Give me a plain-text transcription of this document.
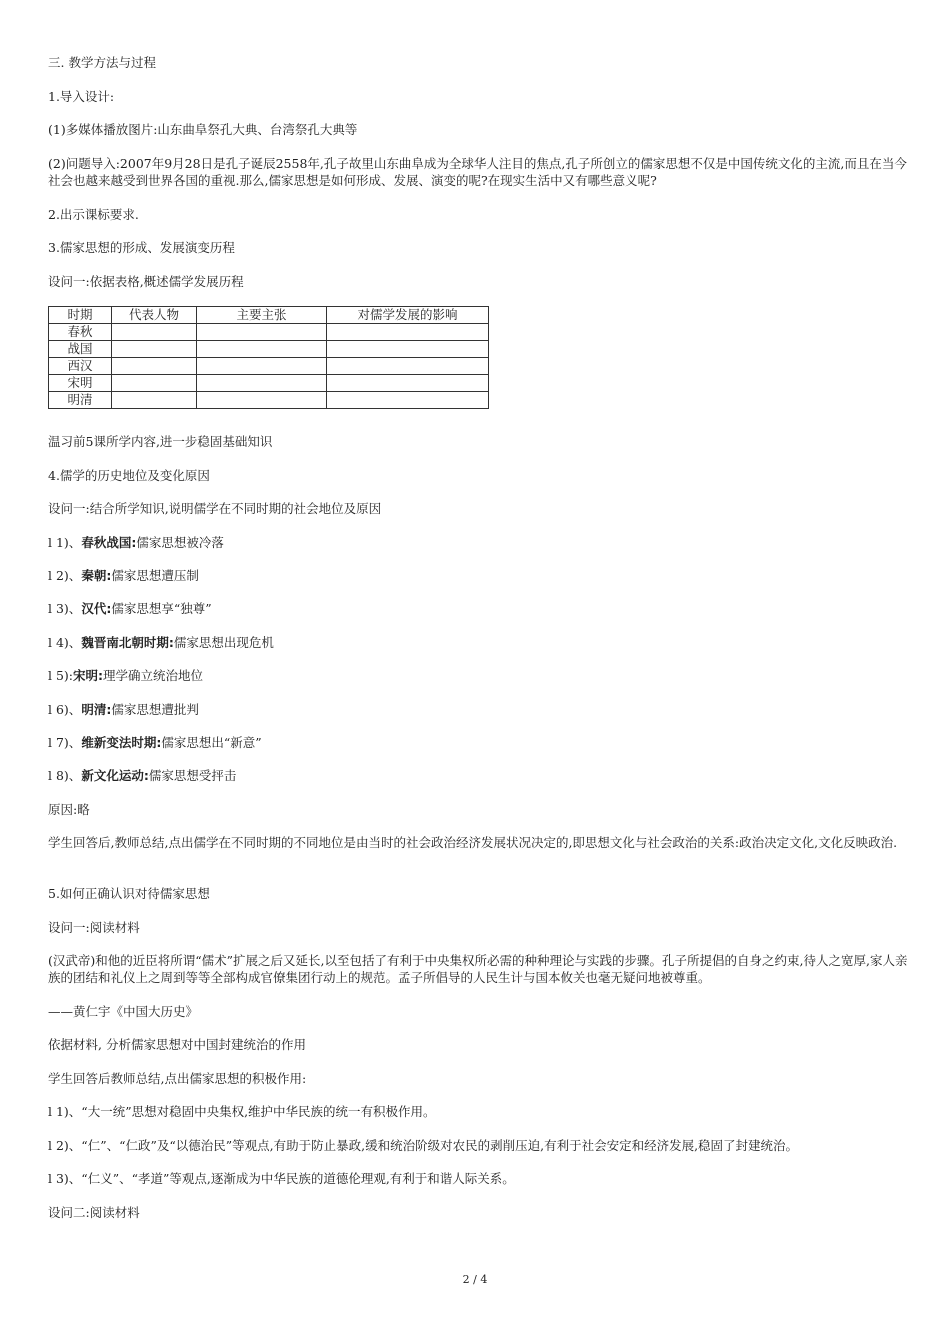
三. 教学方法与过程
1.导入设计:
(1)多媒体播放图片:山东曲阜祭孔大典、台湾祭孔大典等
(2)问题导入:2007年9月28日是孔子诞辰2558年,孔子故里山东曲阜成为全球华人注目的焦点,孔子所创立的儒家思想不仅是中国传统文化的主流,而且在当今社会也越来越受到世界各国的重视.那么,儒家思想是如何形成、发展、演变的呢?在现实生活中又有哪些意义呢?
2.出示课标要求.
3.儒家思想的形成、发展演变历程
设问一:依据表格,概述儒学发展历程
时期	代表人物	主要主张	对儒学发展的影响
春秋			
战国			
西汉			
宋明			
明清			
温习前5课所学内容,进一步稳固基础知识
4.儒学的历史地位及变化原因
设问一:结合所学知识,说明儒学在不同时期的社会地位及原因
l 1)、春秋战国:儒家思想被冷落
l 2)、秦朝:儒家思想遭压制
l 3)、汉代:儒家思想享“独尊”
l 4)、魏晋南北朝时期:儒家思想出现危机
l 5):宋明:理学确立统治地位
l 6)、明清:儒家思想遭批判
l 7)、维新变法时期:儒家思想出“新意”
l 8)、新文化运动:儒家思想受抨击
原因:略
学生回答后,教师总结,点出儒学在不同时期的不同地位是由当时的社会政治经济发展状况决定的,即思想文化与社会政治的关系:政治决定文化,文化反映政治.
5.如何正确认识对待儒家思想
设问一:阅读材料
(汉武帝)和他的近臣将所谓“儒术”扩展之后又延长,以至包括了有利于中央集权所必需的种种理论与实践的步骤。孔子所提倡的自身之约束,待人之宽厚,家人亲族的团结和礼仪上之周到等等全部构成官僚集团行动上的规范。孟子所倡导的人民生计与国本攸关也毫无疑问地被尊重。
——黄仁宇《中国大历史》
依据材料, 分析儒家思想对中国封建统治的作用
学生回答后教师总结,点出儒家思想的积极作用:
l 1)、“大一统”思想对稳固中央集权,维护中华民族的统一有积极作用。
l 2)、“仁”、“仁政”及“以德治民”等观点,有助于防止暴政,缓和统治阶级对农民的剥削压迫,有利于社会安定和经济发展,稳固了封建统治。
l 3)、“仁义”、“孝道”等观点,逐渐成为中华民族的道德伦理观,有利于和谐人际关系。
设问二:阅读材料
2 / 4
